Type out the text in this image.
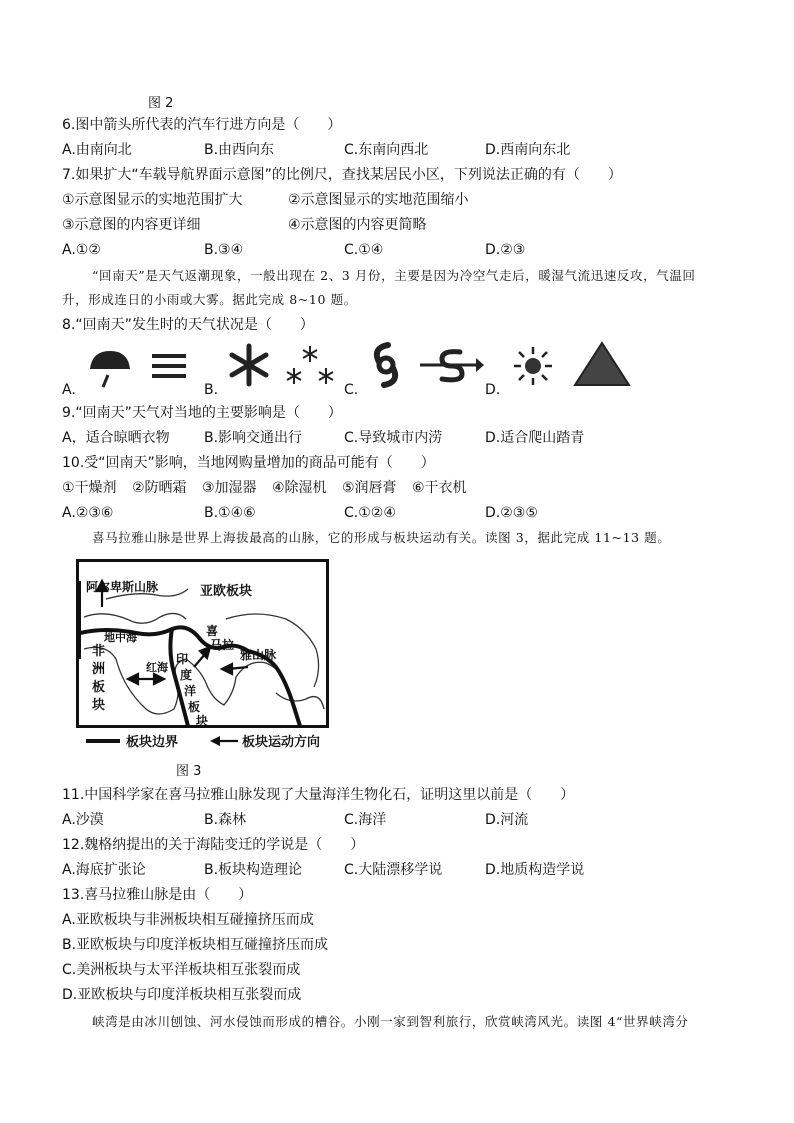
图 2
6.图中箭头所代表的汽车行进方向是（　　）
A.由南向北	B.由西向东	C.东南向西北	D.西南向东北
7.如果扩大“车载导航界面示意图”的比例尺，查找某居民小区，下列说法正确的有（　　）
①示意图显示的实地范围扩大	②示意图显示的实地范围缩小
③示意图的内容更详细	④示意图的内容更简略
A.①②	B.③④	C.①④	D.②③
“回南天”是天气返潮现象，一般出现在 2、3 月份，主要是因为冷空气走后，暖湿气流迅速反攻，气温回
升，形成连日的小雨或大雾。据此完成 8~10 题。
8.“回南天”发生时的天气状况是（　　）
A.	B.	C.	D.
9.“回南天”天气对当地的主要影响是（　　）
A，适合晾晒衣物 B.影响交通出行	C.导致城市内涝	D.适合爬山踏青
10.受“回南天”影响，当地网购量增加的商品可能有（　　）
①干燥剂 ②防晒霜 ③加湿器 ④除湿机 ⑤润唇膏 ⑥干衣机
A.②③⑥	B.①④⑥	C.①②④	D.②③⑤
喜马拉雅山脉是世界上海拔最高的山脉，它的形成与板块运动有关。读图 3，据此完成 11~13 题。
阿尔卑斯山脉	亚欧板块
地中海
非
洲
板
块
红海
喜
马拉
雅山脉
印
度
洋
板
块
板块边界	板块运动方向
图 3
11.中国科学家在喜马拉雅山脉发现了大量海洋生物化石，证明这里以前是（　　）
A.沙漠	B.森林	C.海洋	D.河流
12.魏格纳提出的关于海陆变迁的学说是（　　）
A.海底扩张论	B.板块构造理论	C.大陆漂移学说	D.地质构造学说
13.喜马拉雅山脉是由（　　）
A.亚欧板块与非洲板块相互碰撞挤压而成
B.亚欧板块与印度洋板块相互碰撞挤压而成
C.美洲板块与太平洋板块相互张裂而成
D.亚欧板块与印度洋板块相互张裂而成
峡湾是由冰川刨蚀、河水侵蚀而形成的槽谷。小刚一家到智利旅行，欣赏峡湾风光。读图 4“世界峡湾分
